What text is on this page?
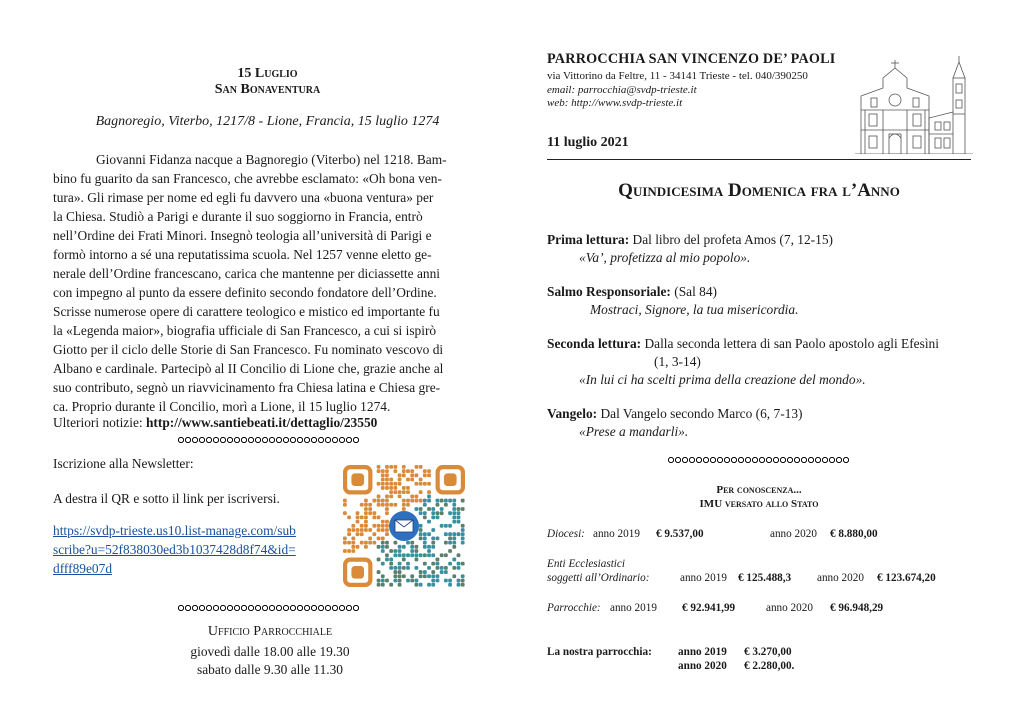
15 Luglio
San Bonaventura
Bagnoregio, Viterbo, 1217/8 - Lione, Francia, 15 luglio 1274
Giovanni Fidanza nacque a Bagnoregio (Viterbo) nel 1218. Bam-
bino fu guarito da san Francesco, che avrebbe esclamato: «Oh bona ven-
tura». Gli rimase per nome ed egli fu davvero una «buona ventura» per
la Chiesa. Studiò a Parigi e durante il suo soggiorno in Francia, entrò
nell’Ordine dei Frati Minori. Insegnò teologia all’università di Parigi e
formò intorno a sé una reputatissima scuola. Nel 1257 venne eletto ge-
nerale dell’Ordine francescano, carica che mantenne per diciassette anni
con impegno al punto da essere definito secondo fondatore dell’Ordine.
Scrisse numerose opere di carattere teologico e mistico ed importante fu
la «Legenda maior», biografia ufficiale di San Francesco, a cui si ispirò
Giotto per il ciclo delle Storie di San Francesco. Fu nominato vescovo di
Albano e cardinale. Partecipò al II Concilio di Lione che, grazie anche al
suo contributo, segnò un riavvicinamento fra Chiesa latina e Chiesa gre-
ca. Proprio durante il Concilio, morì a Lione, il 15 luglio 1274.
Ulteriori notizie: http://www.santiebeati.it/dettaglio/23550
Iscrizione alla Newsletter:
A destra il QR e sotto il link per iscriversi.
https://svdp-trieste.us10.list-manage.com/sub
scribe?u=52f838030ed3b1037428d8f74&id=
dfff89e07d
Ufficio Parrocchiale
giovedì dalle 18.00 alle 19.30
sabato dalle 9.30 alle 11.30
PARROCCHIA SAN VINCENZO DE’ PAOLI
via Vittorino da Feltre, 11 - 34141 Trieste - tel. 040/390250
email: parrocchia@svdp-trieste.it
web: http://www.svdp-trieste.it
11 luglio 2021
Quindicesima Domenica fra l’Anno
Prima lettura: Dal libro del profeta Amos (7, 12-15)
«Va’, profetizza al mio popolo».
Salmo Responsoriale: (Sal 84)
Mostraci, Signore, la tua misericordia.
Seconda lettura: Dalla seconda lettera di san Paolo apostolo agli Efesìni
(1, 3-14)
«In lui ci ha scelti prima della creazione del mondo».
Vangelo: Dal Vangelo secondo Marco (6, 7-13)
«Prese a mandarli».
Per conoscenza...
IMU versato allo Stato
Diocesi: anno 2019 € 9.537,00	anno 2020 € 8.880,00
Enti Ecclesiastici
soggetti all’Ordinario:	anno 2019 € 125.488,3 anno 2020 € 123.674,20
Parrocchie: anno 2019 € 92.941,99	anno 2020 € 96.948,29
La nostra parrocchia: anno 2019 € 3.270,00
anno 2020 € 2.280,00.
